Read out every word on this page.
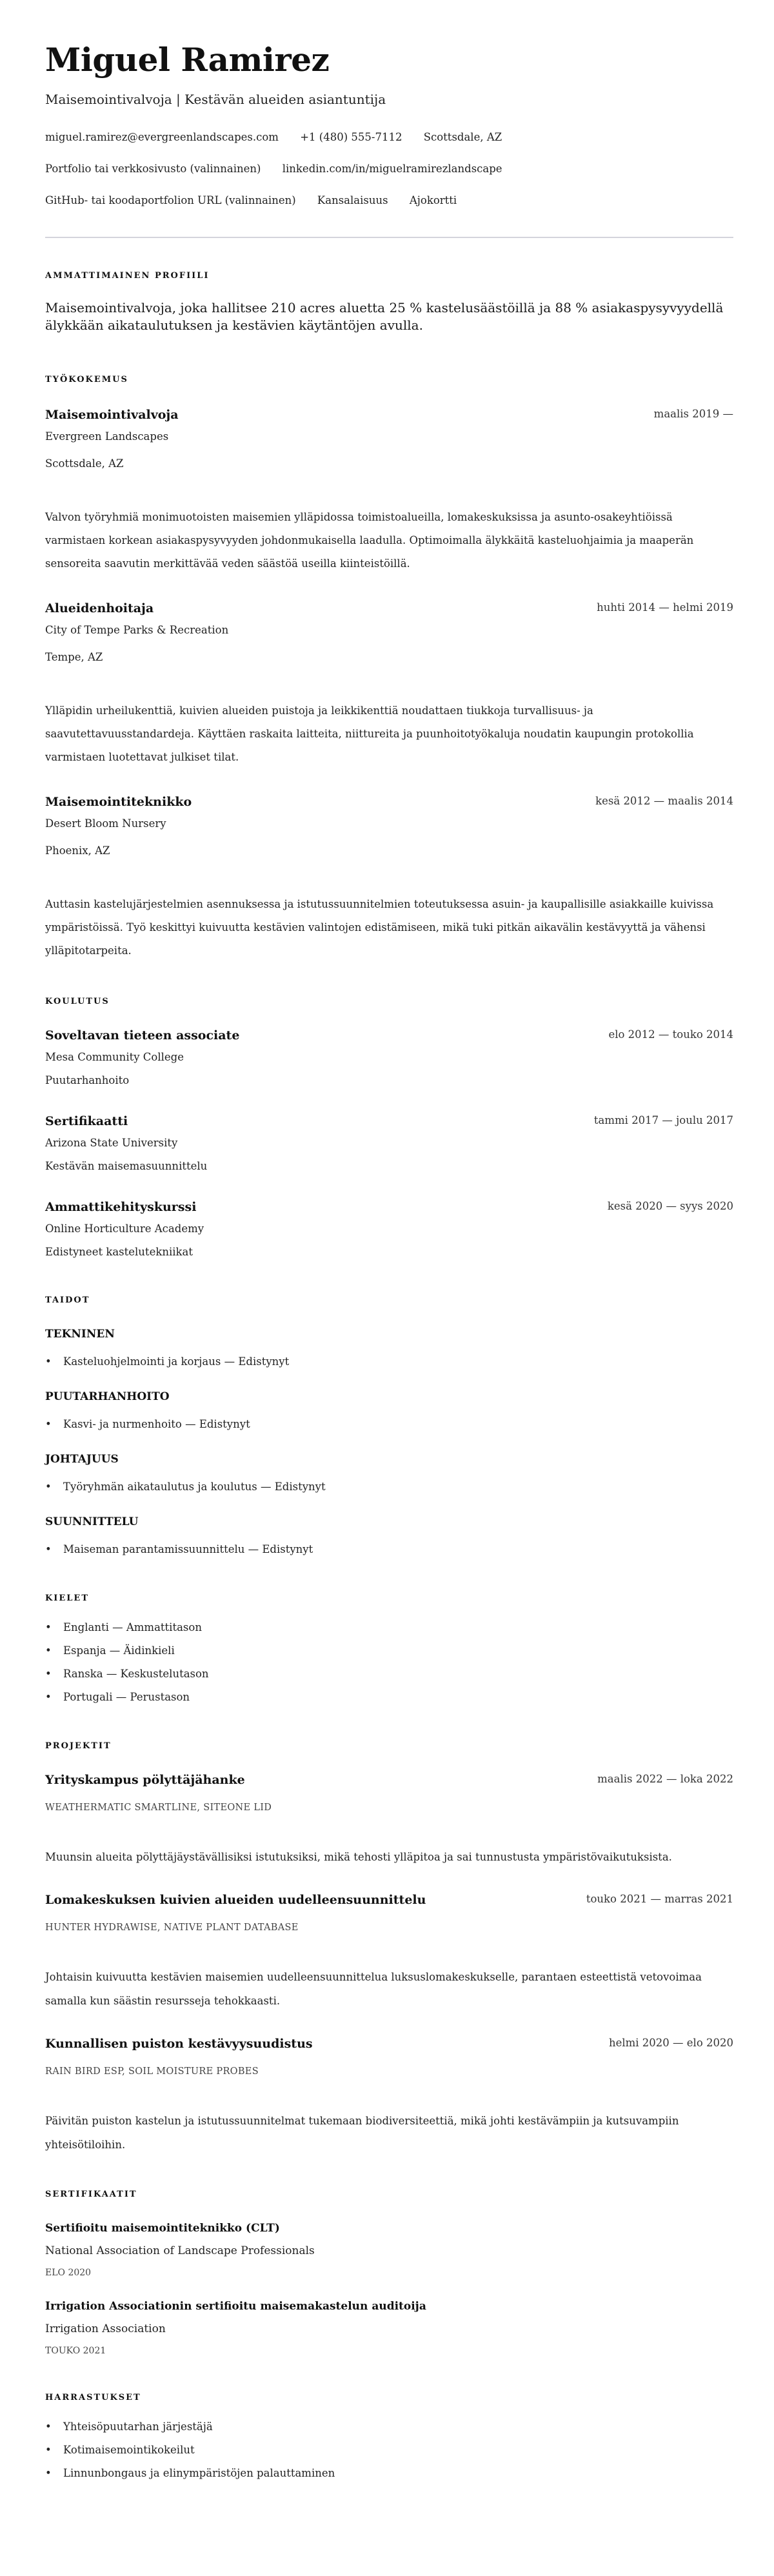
Miguel Ramirez
Maisemointivalvoja | Kestävän alueiden asiantuntija
miguel.ramirez@evergreenlandscapes.com +1 (480) 555-7112 Scottsdale, AZ
Portfolio tai verkkosivusto (valinnainen) linkedin.com/in/miguelramirezlandscape
GitHub- tai koodaportfolion URL (valinnainen) Kansalaisuus Ajokortti
AMMATTIMAINEN PROFIILI
Maisemointivalvoja, joka hallitsee 210 acres aluetta 25 % kastelusäästöillä ja 88 % asiakaspysyvyydellä älykkään aikataulutuksen ja kestävien käytäntöjen avulla.
TYÖKOKEMUS
Maisemointivalvoja	maalis 2019 —
Evergreen Landscapes
Scottsdale, AZ
Valvon työryhmiä monimuotoisten maisemien ylläpidossa toimistoalueilla, lomakeskuksissa ja asunto-osakeyhtiöissä varmistaen korkean asiakaspysyvyyden johdonmukaisella laadulla. Optimoimalla älykkäitä kasteluohjaimia ja maaperän sensoreita saavutin merkittävää veden säästöä useilla kiinteistöillä.
Alueidenhoitaja	huhti 2014 — helmi 2019
City of Tempe Parks & Recreation
Tempe, AZ
Ylläpidin urheilukenttiä, kuivien alueiden puistoja ja leikkikenttiä noudattaen tiukkoja turvallisuus- ja saavutettavuusstandardeja. Käyttäen raskaita laitteita, niittureita ja puunhoitotyökaluja noudatin kaupungin protokollia varmistaen luotettavat julkiset tilat.
Maisemointiteknikko	kesä 2012 — maalis 2014
Desert Bloom Nursery
Phoenix, AZ
Auttasin kastelujärjestelmien asennuksessa ja istutussuunnitelmien toteutuksessa asuin- ja kaupallisille asiakkaille kuivissa ympäristöissä. Työ keskittyi kuivuutta kestävien valintojen edistämiseen, mikä tuki pitkän aikavälin kestävyyttä ja vähensi ylläpitotarpeita.
KOULUTUS
Soveltavan tieteen associate	elo 2012 — touko 2014
Mesa Community College
Puutarhanhoito
Sertifikaatti	tammi 2017 — joulu 2017
Arizona State University
Kestävän maisemasuunnittelu
Ammattikehityskurssi	kesä 2020 — syys 2020
Online Horticulture Academy
Edistyneet kastelutekniikat
TAIDOT
TEKNINEN
• Kasteluohjelmointi ja korjaus — Edistynyt
PUUTARHANHOITO
• Kasvi- ja nurmenhoito — Edistynyt
JOHTAJUUS
• Työryhmän aikataulutus ja koulutus — Edistynyt
SUUNNITTELU
• Maiseman parantamissuunnittelu — Edistynyt
KIELET
• Englanti — Ammattitason
• Espanja — Äidinkieli
• Ranska — Keskustelutason
• Portugali — Perustason
PROJEKTIT
Yrityskampus pölyttäjähanke	maalis 2022 — loka 2022
WEATHERMATIC SMARTLINE, SITEONE LID
Muunsin alueita pölyttäjäystävällisiksi istutuksiksi, mikä tehosti ylläpitoa ja sai tunnustusta ympäristövaikutuksista.
Lomakeskuksen kuivien alueiden uudelleensuunnittelu	touko 2021 — marras 2021
HUNTER HYDRAWISE, NATIVE PLANT DATABASE
Johtaisin kuivuutta kestävien maisemien uudelleensuunnittelua luksuslomakeskukselle, parantaen esteettistä vetovoimaa samalla kun säästin resursseja tehokkaasti.
Kunnallisen puiston kestävyysuudistus	helmi 2020 — elo 2020
RAIN BIRD ESP, SOIL MOISTURE PROBES
Päivitän puiston kastelun ja istutussuunnitelmat tukemaan biodiversiteettiä, mikä johti kestävämpiin ja kutsuvampiin yhteisötiloihin.
SERTIFIKAATIT
Sertifioitu maisemointiteknikko (CLT)
National Association of Landscape Professionals
ELO 2020
Irrigation Associationin sertifioitu maisemakastelun auditoija
Irrigation Association
TOUKO 2021
HARRASTUKSET
• Yhteisöpuutarhan järjestäjä
• Kotimaisemointikokeilut
• Linnunbongaus ja elinympäristöjen palauttaminen
